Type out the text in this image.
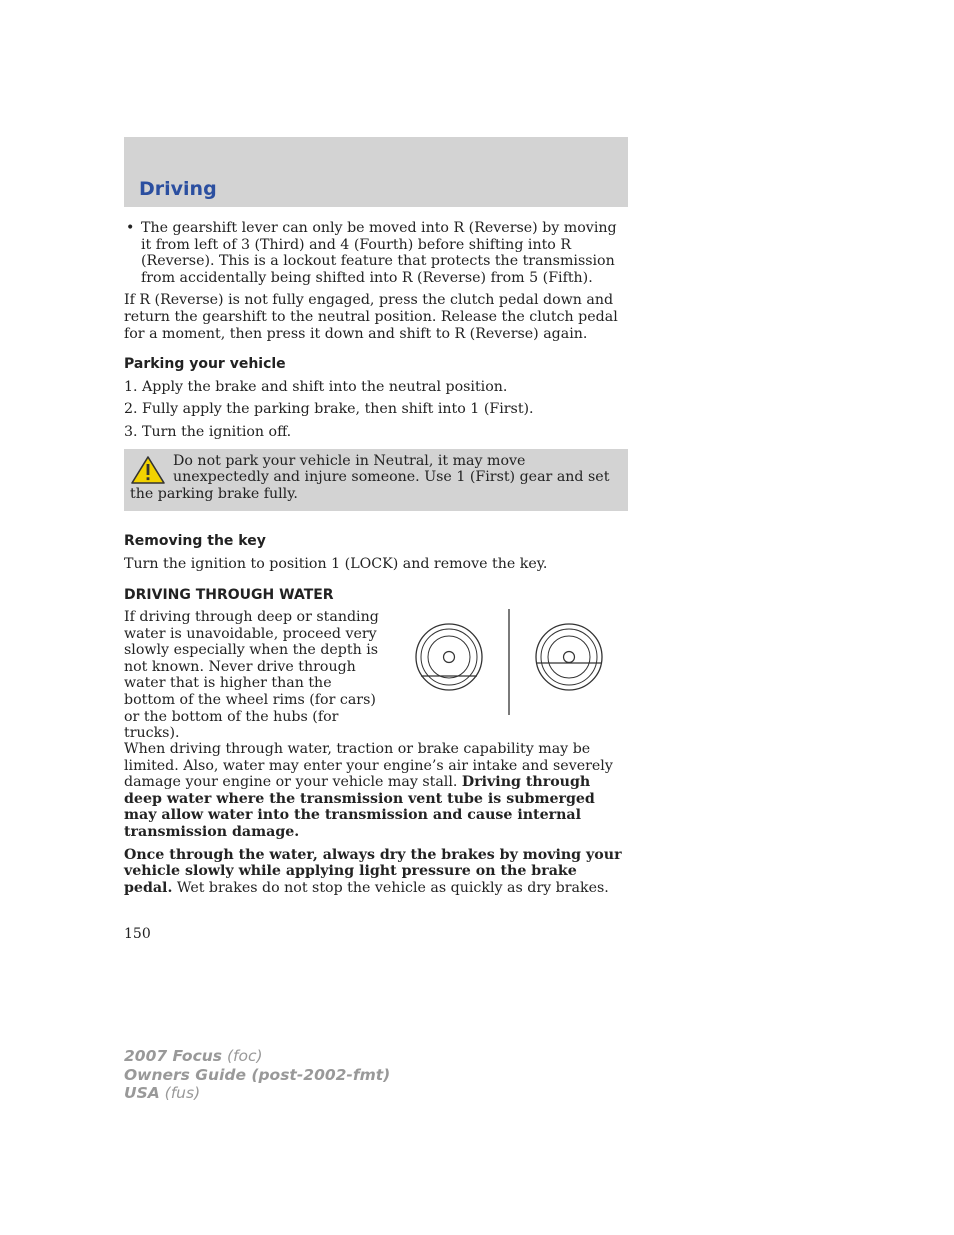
Driving
• The gearshift lever can only be moved into R (Reverse) by moving it from left of 3 (Third) and 4 (Fourth) before shifting into R (Reverse). This is a lockout feature that protects the transmission from accidentally being shifted into R (Reverse) from 5 (Fifth).

If R (Reverse) is not fully engaged, press the clutch pedal down and return the gearshift to the neutral position. Release the clutch pedal for a moment, then press it down and shift to R (Reverse) again.

Parking your vehicle

1. Apply the brake and shift into the neutral position.

2. Fully apply the parking brake, then shift into 1 (First).

3. Turn the ignition off.

Do not park your vehicle in Neutral, it may move unexpectedly and injure someone. Use 1 (First) gear and set the parking brake fully.
Removing the key

Turn the ignition to position 1 (LOCK) and remove the key.

DRIVING THROUGH WATER
If driving through deep or standing water is unavoidable, proceed very slowly especially when the depth is not known. Never drive through water that is higher than the bottom of the wheel rims (for cars) or the bottom of the hubs (for trucks).

When driving through water, traction or brake capability may be limited. Also, water may enter your engine’s air intake and severely damage your engine or your vehicle may stall. Driving through deep water where the transmission vent tube is submerged may allow water into the transmission and cause internal transmission damage.

Once through the water, always dry the brakes by moving your vehicle slowly while applying light pressure on the brake pedal. Wet brakes do not stop the vehicle as quickly as dry brakes.

150
2007 Focus (foc)
Owners Guide (post-2002-fmt)
USA (fus)
